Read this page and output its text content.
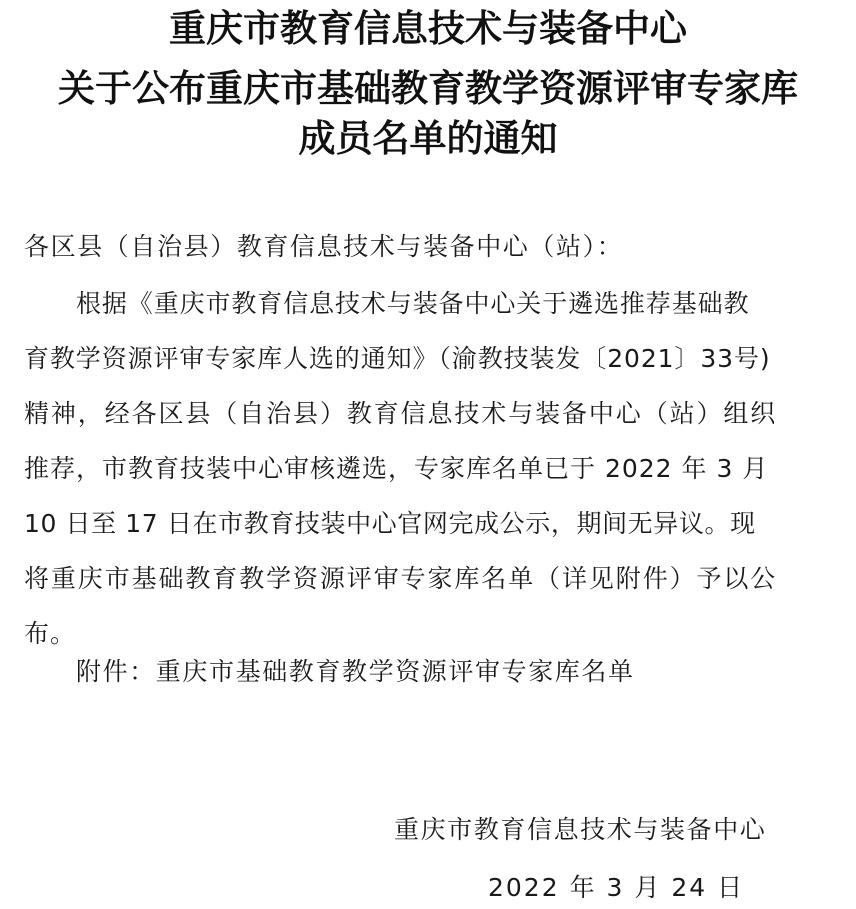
重庆市教育信息技术与装备中心
关于公布重庆市基础教育教学资源评审专家库
成员名单的通知
各区县（自治县）教育信息技术与装备中心（站）：
根据《重庆市教育信息技术与装备中心关于遴选推荐基础教
育教学资源评审专家库人选的通知》（渝教技装发〔2021〕33号)
精神，经各区县（自治县）教育信息技术与装备中心（站）组织
推荐，市教育技装中心审核遴选，专家库名单已于 2022 年 3 月
10 日至 17 日在市教育技装中心官网完成公示，期间无异议。现
将重庆市基础教育教学资源评审专家库名单（详见附件）予以公
布。
附件：重庆市基础教育教学资源评审专家库名单
重庆市教育信息技术与装备中心
2022 年 3 月 24 日
